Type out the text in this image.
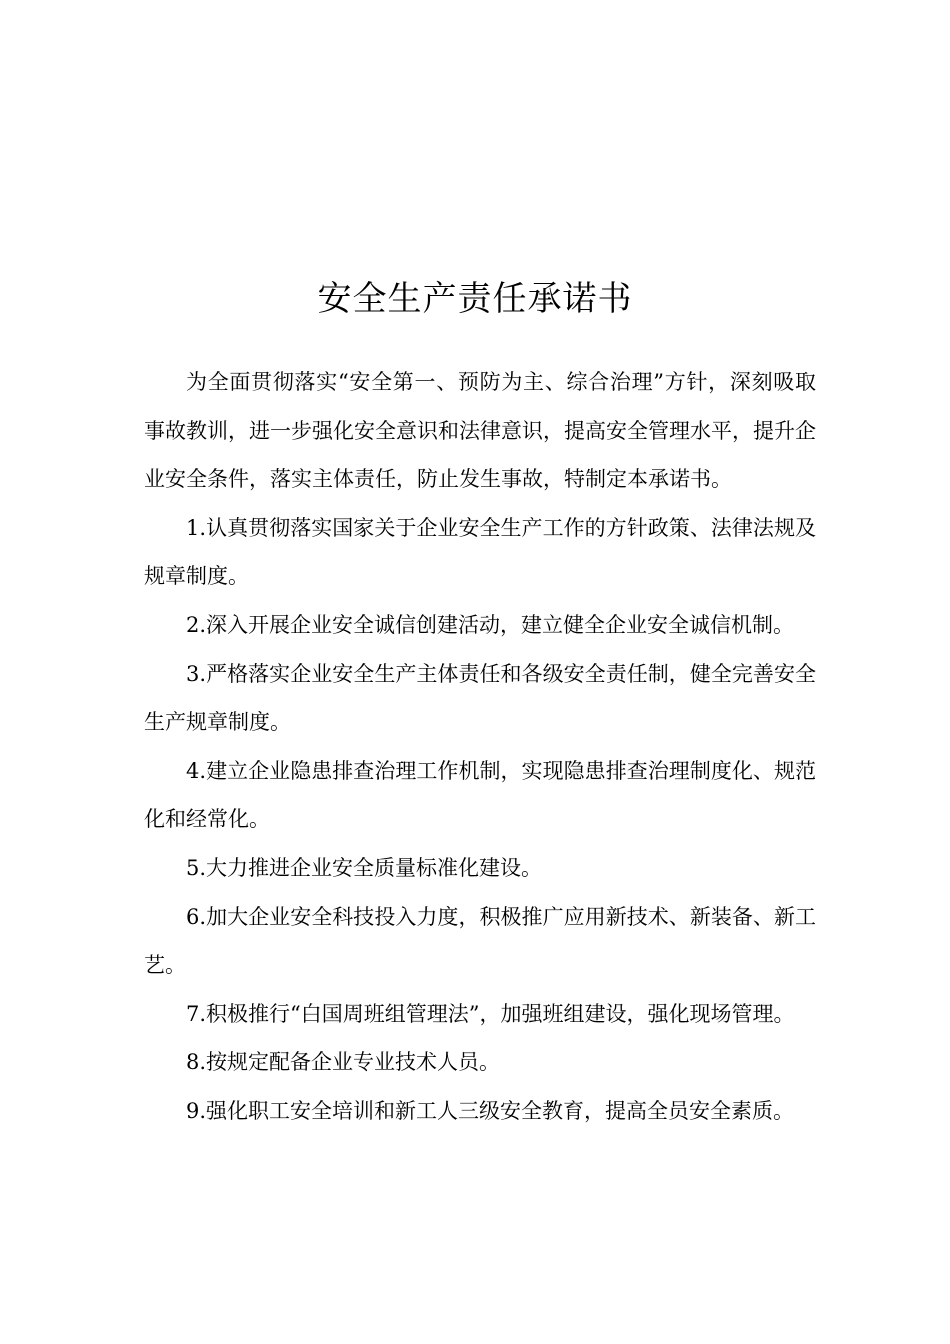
安全生产责任承诺书

为全面贯彻落实“安全第一、预防为主、综合治理”方针，深刻吸取事故教训，进一步强化安全意识和法律意识，提高安全管理水平，提升企业安全条件，落实主体责任，防止发生事故，特制定本承诺书。

1.认真贯彻落实国家关于企业安全生产工作的方针政策、法律法规及规章制度。

2.深入开展企业安全诚信创建活动，建立健全企业安全诚信机制。

3.严格落实企业安全生产主体责任和各级安全责任制，健全完善安全生产规章制度。

4.建立企业隐患排查治理工作机制，实现隐患排查治理制度化、规范化和经常化。

5.大力推进企业安全质量标准化建设。

6.加大企业安全科技投入力度，积极推广应用新技术、新装备、新工艺。

7.积极推行“白国周班组管理法”，加强班组建设，强化现场管理。

8.按规定配备企业专业技术人员。

9.强化职工安全培训和新工人三级安全教育，提高全员安全素质。
